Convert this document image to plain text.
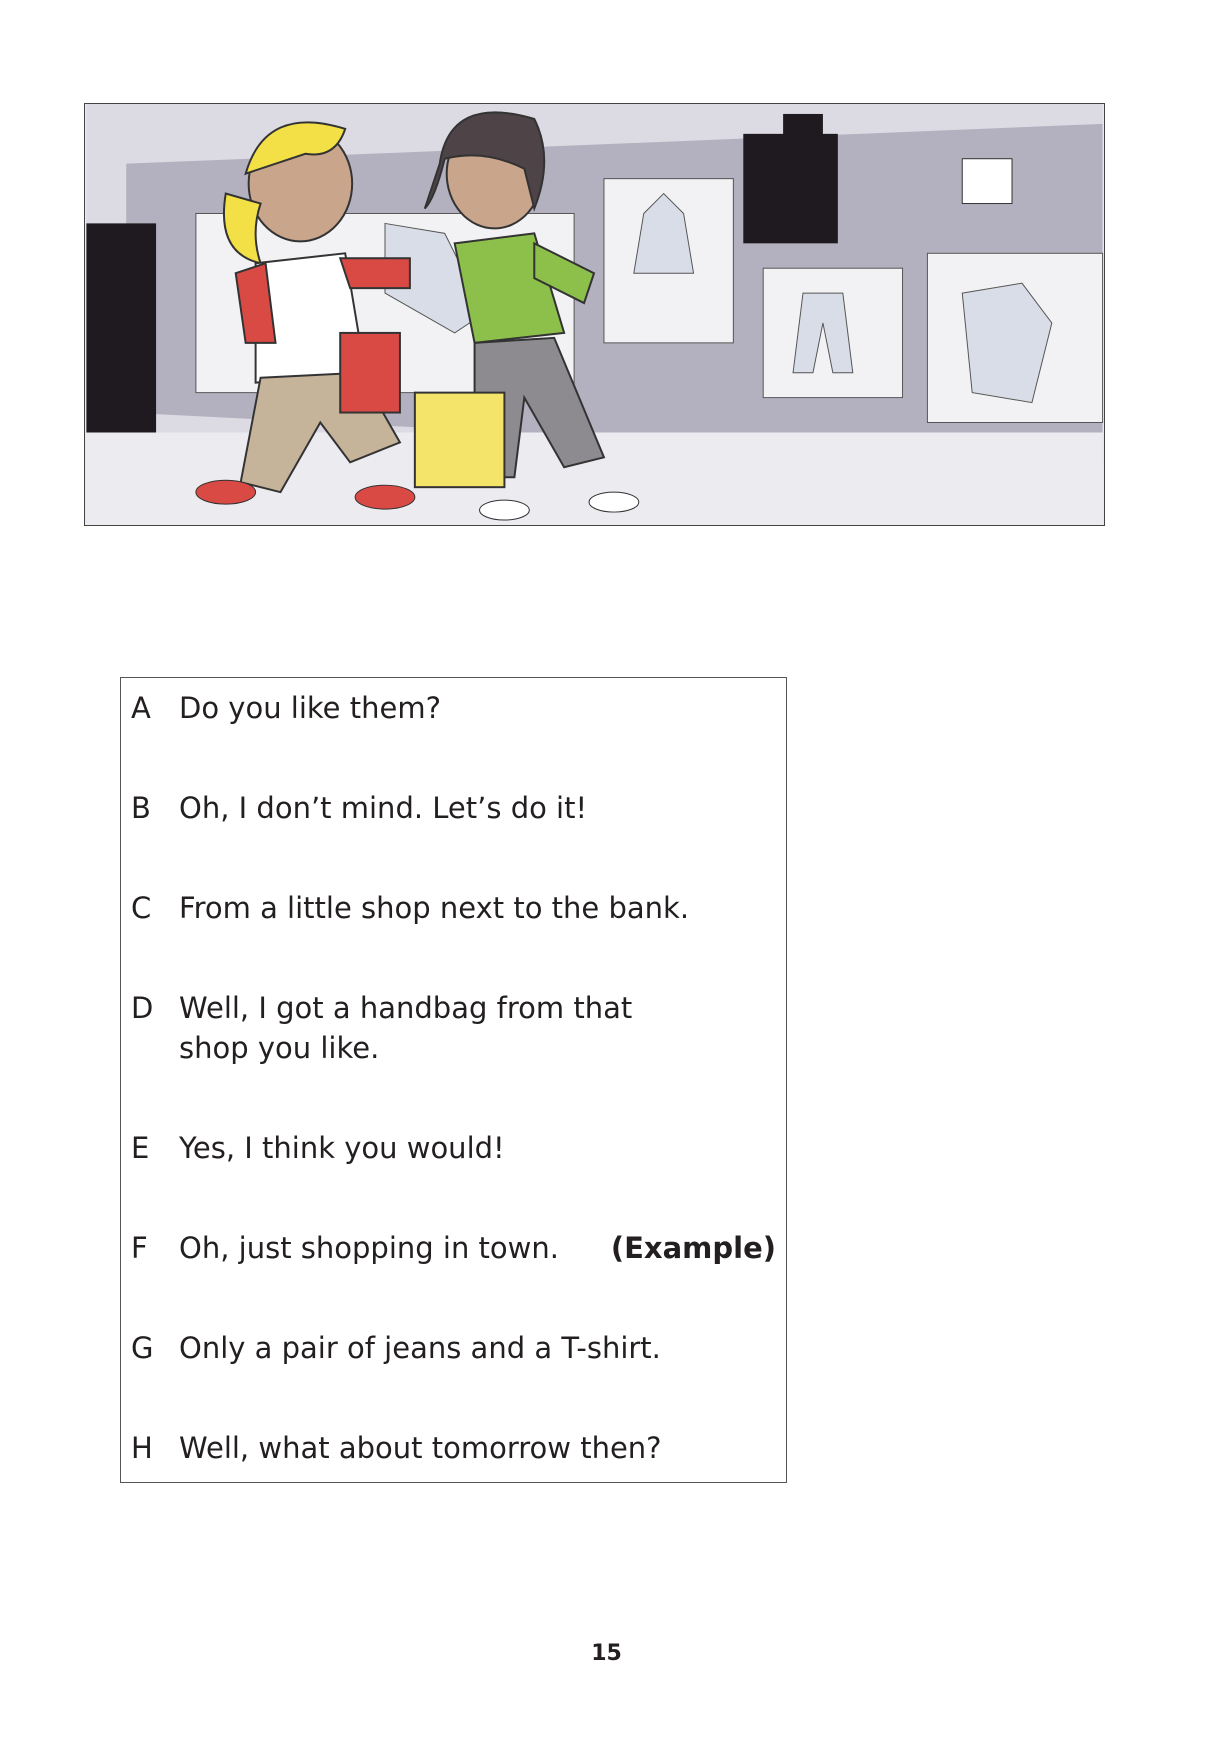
A Do you like them?
B Oh, I don’t mind. Let’s do it!
C From a little shop next to the bank.
D Well, I got a handbag from that shop you like.
E Yes, I think you would!
F Oh, just shopping in town.	(Example)
G Only a pair of jeans and a T-shirt.
H Well, what about tomorrow then?
15
